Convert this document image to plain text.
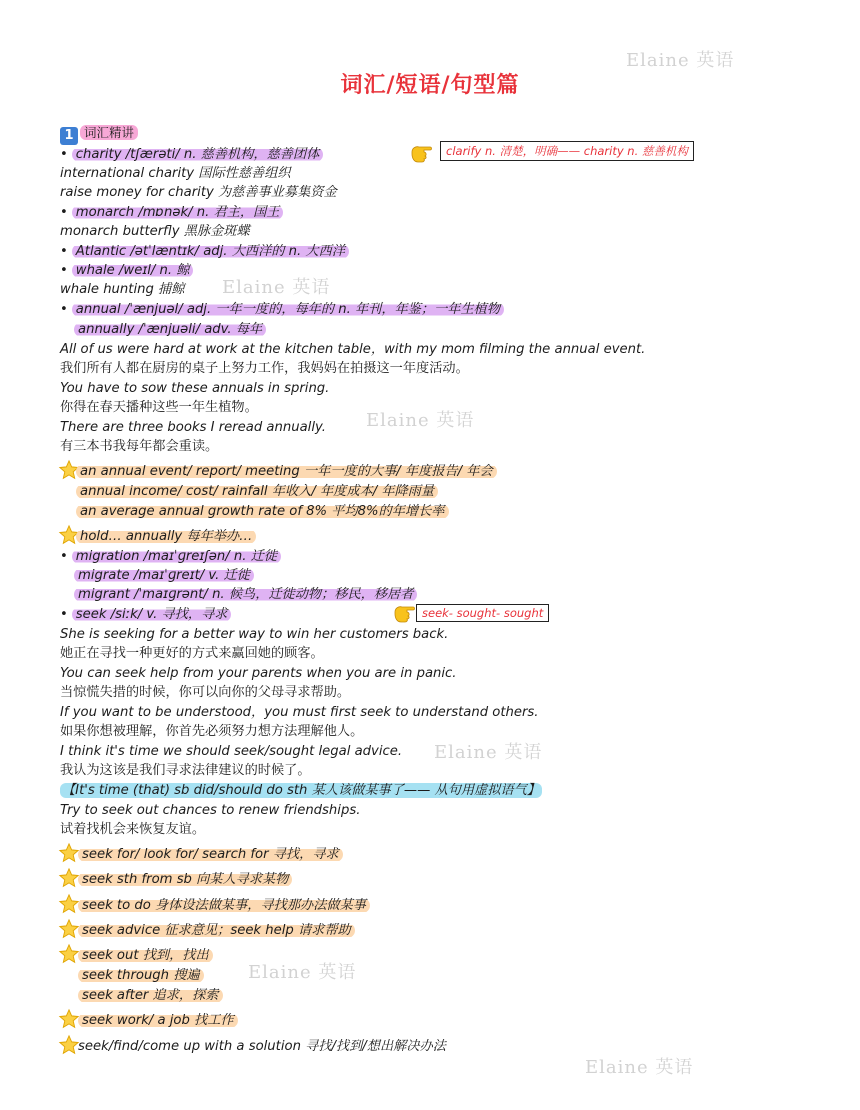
Elaine 英语
Elaine 英语
Elaine 英语
Elaine 英语
Elaine 英语
Elaine 英语
词汇/短语/句型篇
1 词汇精讲
• charity /tʃærəti/ n. 慈善机构，慈善团体	clarify n. 清楚，明确—— charity n. 慈善机构
international charity 国际性慈善组织
raise money for charity 为慈善事业募集资金
• monarch /mɒnək/ n. 君主，国王
monarch butterfly 黑脉金斑蝶
• Atlantic /ətˈlæntɪk/ adj. 大西洋的 n. 大西洋
• whale /weɪl/ n. 鲸
whale hunting 捕鲸
• annual /ˈænjuəl/ adj. 一年一度的，每年的 n. 年刊，年鉴；一年生植物
annually /ˈænjuəli/ adv. 每年
All of us were hard at work at the kitchen table，with my mom filming the annual event.
我们所有人都在厨房的桌子上努力工作，我妈妈在拍摄这一年度活动。
You have to sow these annuals in spring.
你得在春天播种这些一年生植物。
There are three books I reread annually.
有三本书我每年都会重读。
an annual event/ report/ meeting 一年一度的大事/ 年度报告/ 年会
annual income/ cost/ rainfall 年收入/ 年度成本/ 年降雨量
an average annual growth rate of 8% 平均8%的年增长率
hold… annually 每年举办…
• migration /maɪˈɡreɪʃən/ n. 迁徙
migrate /maɪˈɡreɪt/ v. 迁徙
migrant /ˈmaɪɡrənt/ n. 候鸟，迁徙动物；移民，移居者
• seek /siːk/ v. 寻找，寻求	seek- sought- sought
She is seeking for a better way to win her customers back.
她正在寻找一种更好的方式来赢回她的顾客。
You can seek help from your parents when you are in panic.
当惊慌失措的时候，你可以向你的父母寻求帮助。
If you want to be understood，you must first seek to understand others.
如果你想被理解，你首先必须努力想方法理解他人。
I think it's time we should seek/sought legal advice.
我认为这该是我们寻求法律建议的时候了。
【It's time (that) sb did/should do sth 某人该做某事了—— 从句用虚拟语气】
Try to seek out chances to renew friendships.
试着找机会来恢复友谊。
seek for/ look for/ search for 寻找，寻求
seek sth from sb 向某人寻求某物
seek to do 身体设法做某事，寻找那办法做某事
seek advice 征求意见；seek help 请求帮助
seek out 找到，找出
seek through 搜遍
seek after 追求，探索
seek work/ a job 找工作
seek/find/come up with a solution 寻找/找到/想出解决办法
